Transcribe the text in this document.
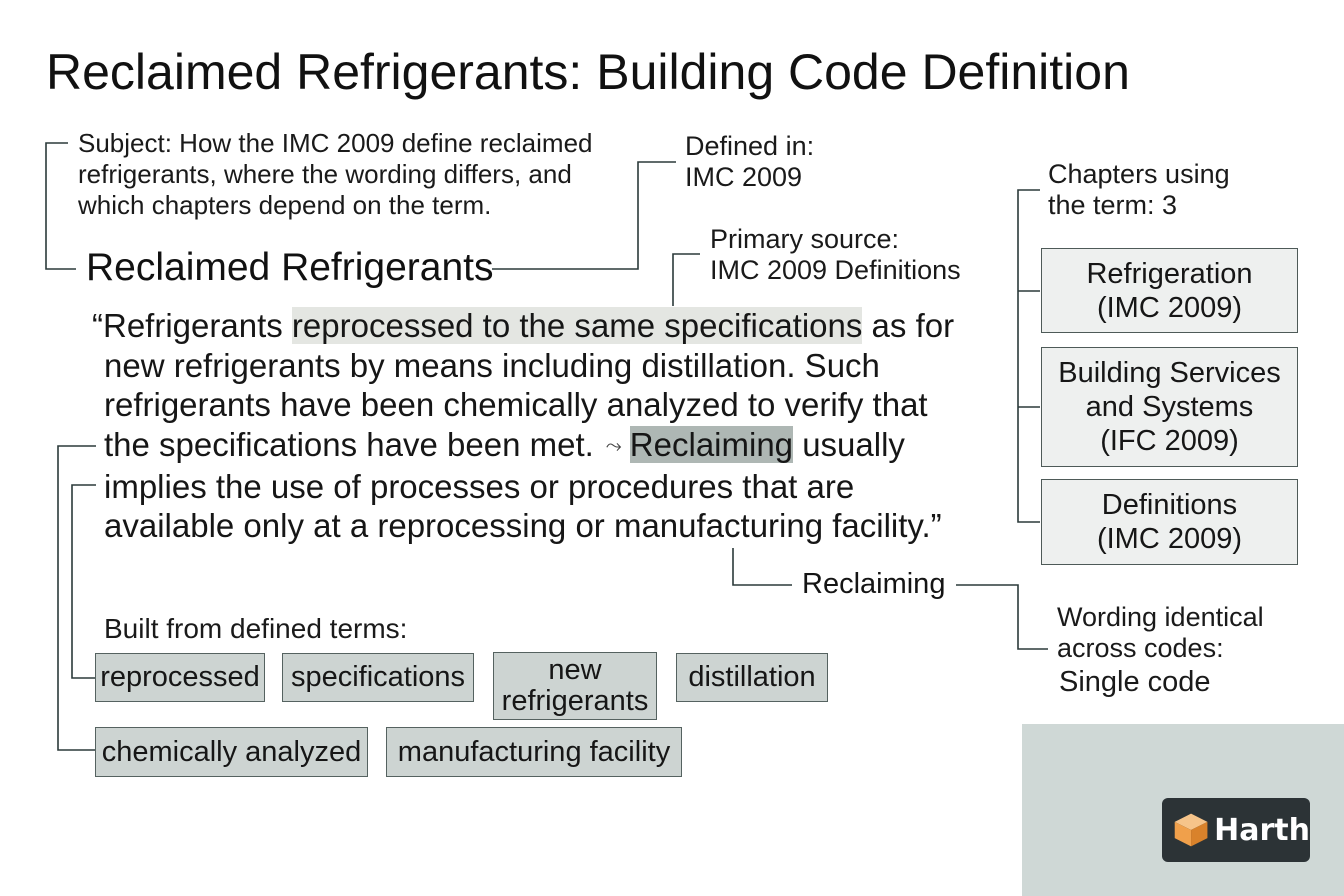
Reclaimed Refrigerants: Building Code Definition
Subject: How the IMC 2009 define reclaimed refrigerants, where the wording differs, and which chapters depend on the term.
Reclaimed Refrigerants
Defined in:
IMC 2009
Primary source:
IMC 2009 Definitions
“Refrigerants reprocessed to the same specifications as for
new refrigerants by means including distillation. Such
refrigerants have been chemically analyzed to verify that
the specifications have been met. ⤳ Reclaiming usually
implies the use of processes or procedures that are
available only at a reprocessing or manufacturing facility.”
Reclaiming
Built from defined terms:
reprocessed	specifications	new refrigerants
distillation
chemically analyzed	manufacturing facility
Chapters using
the term: 3
Refrigeration
(IMC 2009)
Building Services
and Systems
(IFC 2009)
Definitions
(IMC 2009)
Wording identical
across codes:
Single code
Harth
